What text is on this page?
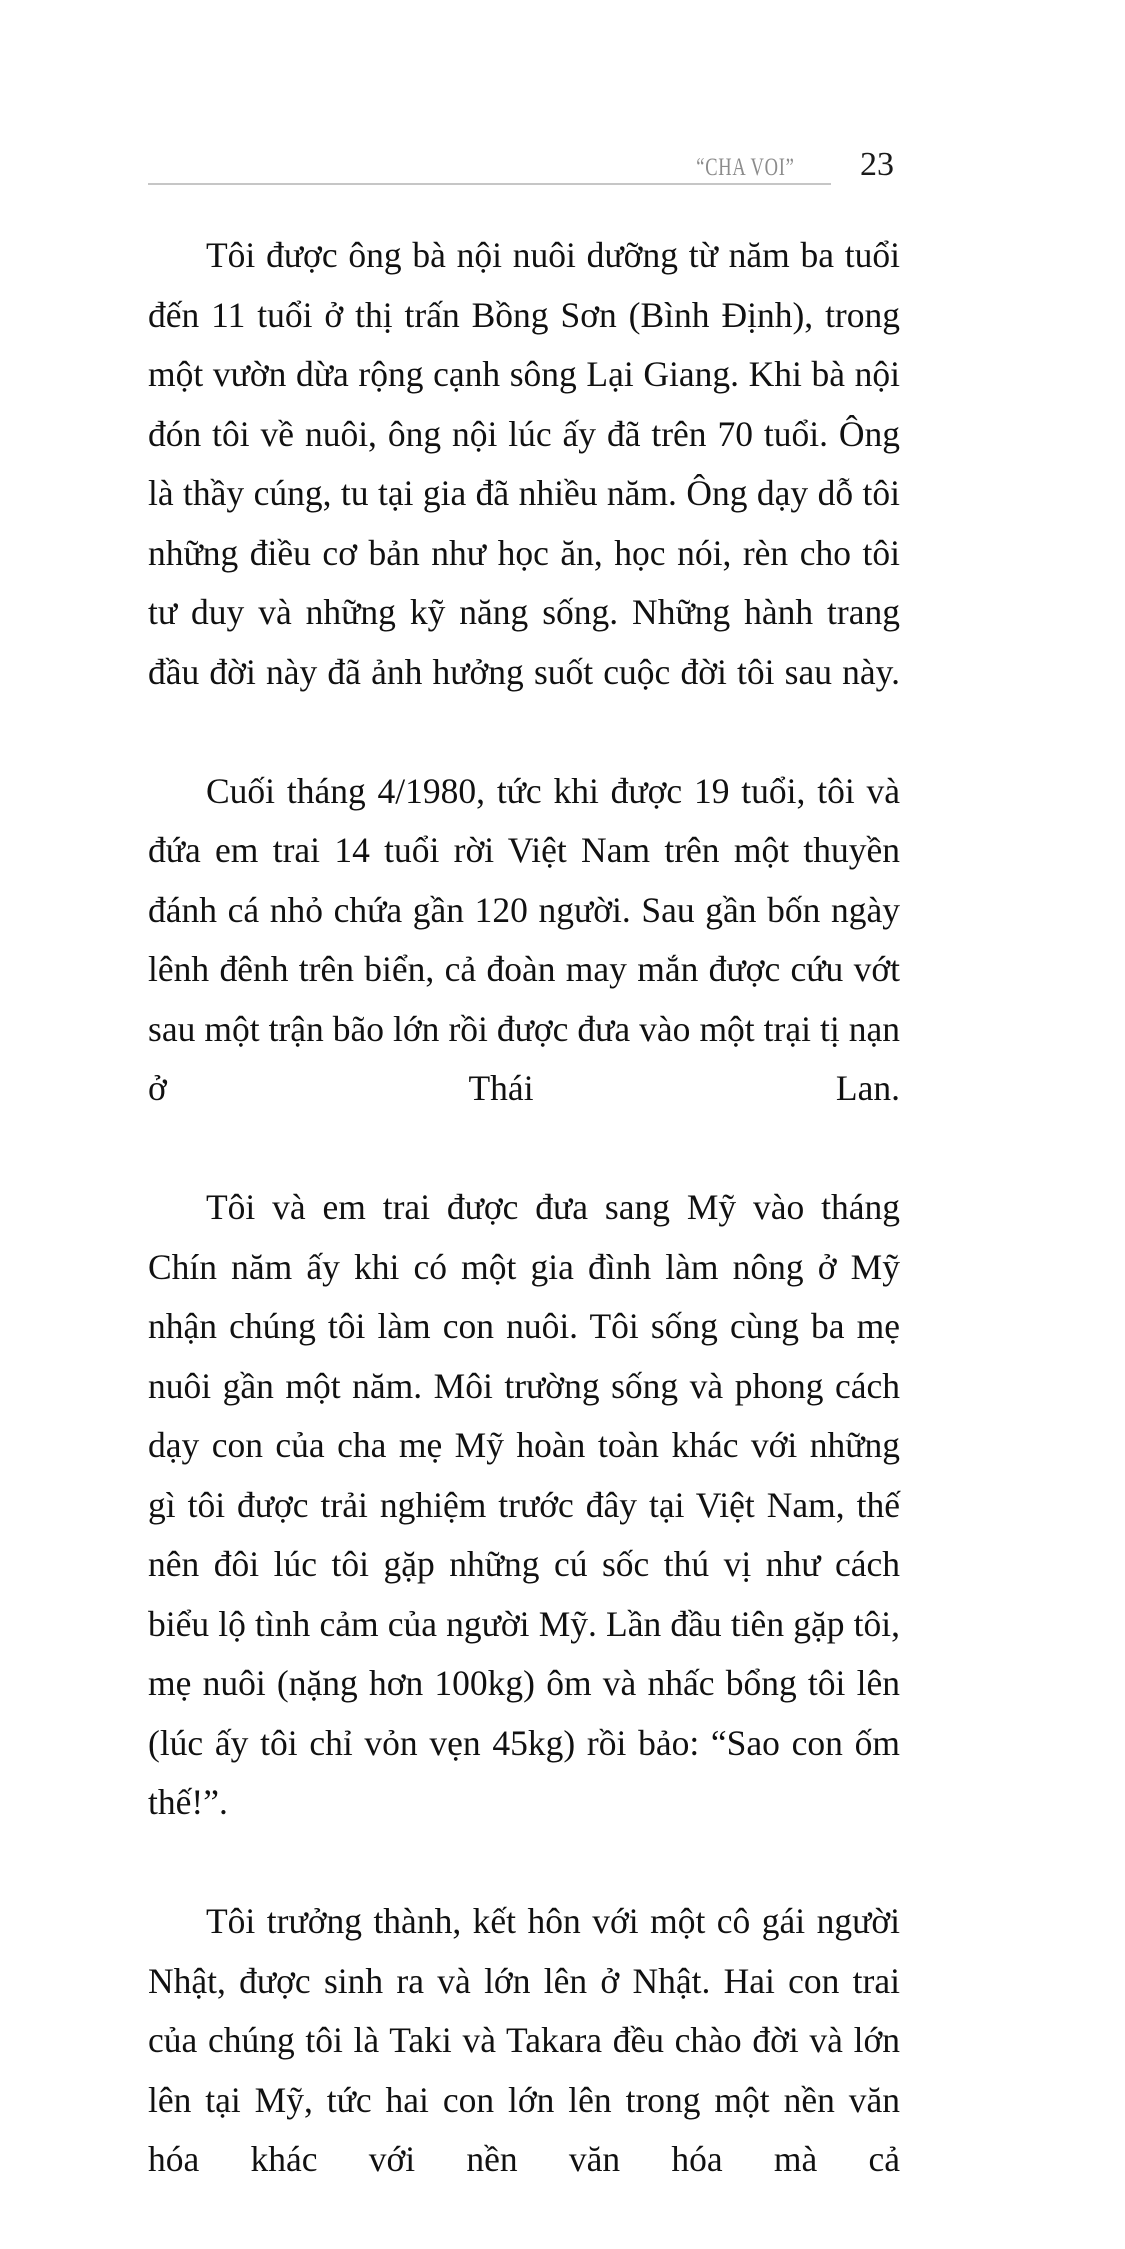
“CHA VOI”	23

Tôi được ông bà nội nuôi dưỡng từ năm ba tuổi đến 11 tuổi ở thị trấn Bồng Sơn (Bình Định), trong một vườn dừa rộng cạnh sông Lại Giang. Khi bà nội đón tôi về nuôi, ông nội lúc ấy đã trên 70 tuổi. Ông là thầy cúng, tu tại gia đã nhiều năm. Ông dạy dỗ tôi những điều cơ bản như học ăn, học nói, rèn cho tôi tư duy và những kỹ năng sống. Những hành trang đầu đời này đã ảnh hưởng suốt cuộc đời tôi sau này.

Cuối tháng 4/1980, tức khi được 19 tuổi, tôi và đứa em trai 14 tuổi rời Việt Nam trên một thuyền đánh cá nhỏ chứa gần 120 người. Sau gần bốn ngày lênh đênh trên biển, cả đoàn may mắn được cứu vớt sau một trận bão lớn rồi được đưa vào một trại tị nạn ở Thái Lan.

Tôi và em trai được đưa sang Mỹ vào tháng Chín năm ấy khi có một gia đình làm nông ở Mỹ nhận chúng tôi làm con nuôi. Tôi sống cùng ba mẹ nuôi gần một năm. Môi trường sống và phong cách dạy con của cha mẹ Mỹ hoàn toàn khác với những gì tôi được trải nghiệm trước đây tại Việt Nam, thế nên đôi lúc tôi gặp những cú sốc thú vị như cách biểu lộ tình cảm của người Mỹ. Lần đầu tiên gặp tôi, mẹ nuôi (nặng hơn 100kg) ôm và nhấc bổng tôi lên (lúc ấy tôi chỉ vỏn vẹn 45kg) rồi bảo: “Sao con ốm thế!”.

Tôi trưởng thành, kết hôn với một cô gái người Nhật, được sinh ra và lớn lên ở Nhật. Hai con trai của chúng tôi là Taki và Takara đều chào đời và lớn lên tại Mỹ, tức hai con lớn lên trong một nền văn hóa khác với nền văn hóa mà cả
